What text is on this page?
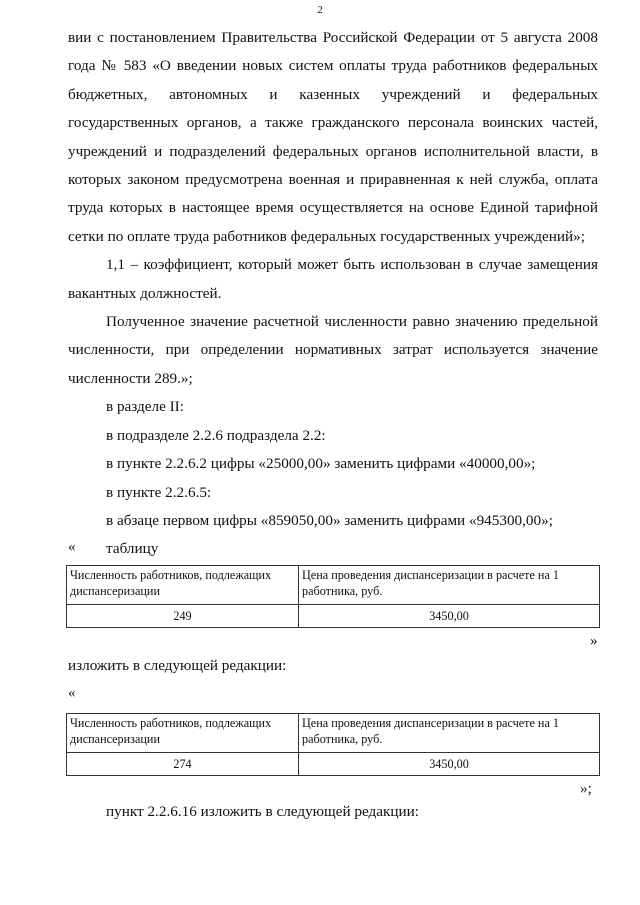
2

вии с постановлением Правительства Российской Федерации от 5 августа 2008 года № 583 «О введении новых систем оплаты труда работников федеральных бюджетных, автономных и казенных учреждений и федеральных государственных органов, а также гражданского персонала воинских частей, учреждений и подразделений федеральных органов исполнительной власти, в которых законом предусмотрена военная и приравненная к ней служба, оплата труда которых в настоящее время осуществляется на основе Единой тарифной сетки по оплате труда работников федеральных государственных учреждений»;

1,1 – коэффициент, который может быть использован в случае замещения вакантных должностей.

Полученное значение расчетной численности равно значению предельной численности, при определении нормативных затрат используется значение численности 289.»;

в разделе II:
в подразделе 2.2.6 подраздела 2.2:
в пункте 2.2.6.2 цифры «25000,00» заменить цифрами «40000,00»;
в пункте 2.2.6.5:
в абзаце первом цифры «859050,00» заменить цифрами «945300,00»;
таблицу
«
Численность работников, подлежащих диспансеризации	Цена проведения диспансеризации в расчете на 1 работника, руб.
249	3450,00
»
изложить в следующей редакции:
«
Численность работников, подлежащих диспансеризации	Цена проведения диспансеризации в расчете на 1 работника, руб.
274	3450,00
»;
пункт 2.2.6.16 изложить в следующей редакции:
